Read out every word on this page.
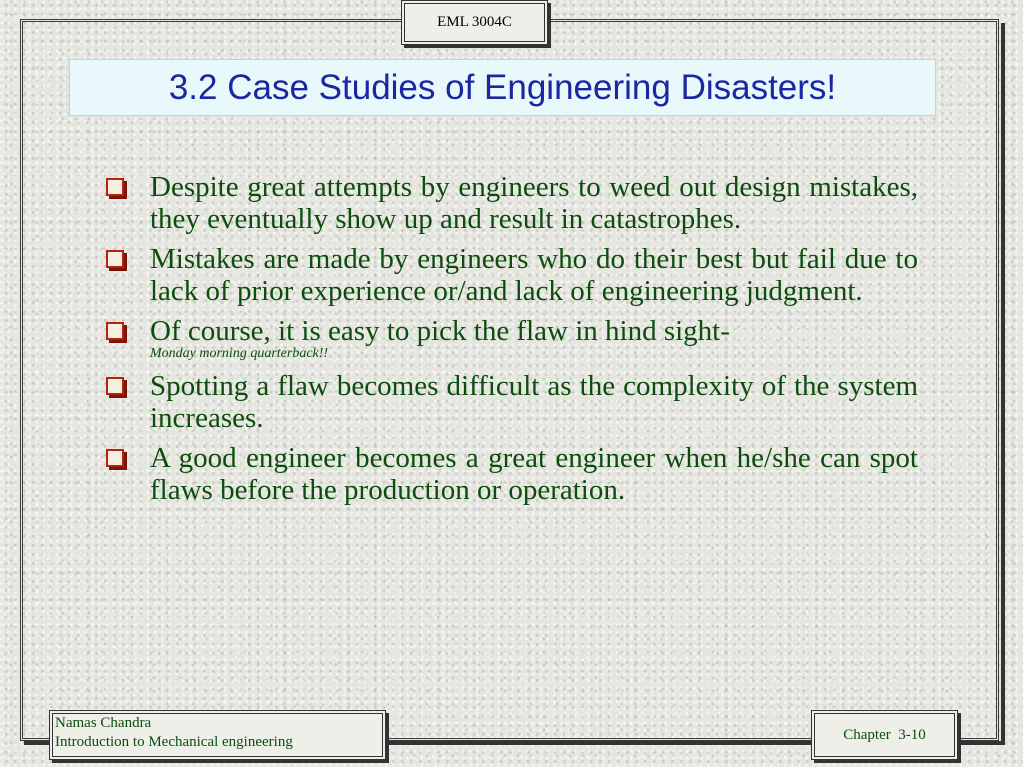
EML 3004C
3.2 Case Studies of Engineering Disasters!
Despite great attempts by engineers to weed out design mistakes, they eventually show up and result in catastrophes.
Mistakes are made by engineers who do their best but fail due to lack of prior experience or/and lack of engineering judgment.
Of course, it is easy to pick the flaw in hind sight-
Monday morning quarterback!!
Spotting a flaw becomes difficult as the complexity of the system increases.
A good engineer becomes a great engineer when he/she can spot flaws before the production or operation.
Namas Chandra
Introduction to Mechanical engineering	Chapter  3-10
